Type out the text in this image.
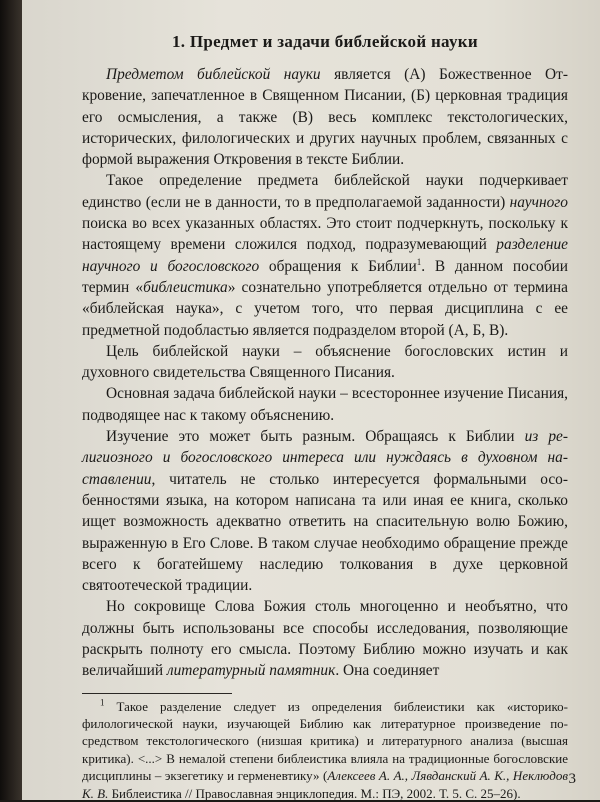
1. Предмет и задачи библейской науки

Предметом библейской науки является (А) Божественное Откровение, запечатленное в Священном Писании, (Б) церковная традиция его осмысления, а также (В) весь комплекс текстологических, исторических, филологических и других научных проблем, связанных с формой выражения Откровения в тексте Библии.

Такое определение предмета библейской науки подчеркивает единство (если не в данности, то в предполагаемой заданности) научного поиска во всех указанных областях. Это стоит подчеркнуть, поскольку к настоящему времени сложился подход, подразумевающий разделение научного и богословского обращения к Библии$^1$. В данном пособии термин «библеистика» сознательно употребляется отдельно от термина «библейская наука», с учетом того, что первая дисциплина с ее предметной подобластью является подразделом второй (А, Б, В).

Цель библейской науки – объяснение богословских истин и духовного свидетельства Священного Писания.

Основная задача библейской науки – всестороннее изучение Писания, подводящее нас к такому объяснению.

Изучение это может быть разным. Обращаясь к Библии из религиозного и богословского интереса или нуждаясь в духовном наставлении, читатель не столько интересуется формальными особенностями языка, на котором написана та или иная ее книга, сколько ищет возможность адекватно ответить на спасительную волю Божию, выраженную в Его Слове. В таком случае необходимо обращение прежде всего к богатейшему наследию толкования в духе церковной святоотеческой традиции.

Но сокровище Слова Божия столь многоценно и необъятно, что должны быть использованы все способы исследования, позволяющие раскрыть полноту его смысла. Поэтому Библию можно изучать и как величайший литературный памятник. Она соединяет

$^1$ Такое разделение следует из определения библеистики как «историко-филологической науки, изучающей Библию как литературное произведение посредством текстологического (низшая критика) и литературного анализа (высшая критика). <...> В немалой степени библеистика влияла на традиционные богословские дисциплины – экзегетику и герменевтику» (Алексеев А. А., Лявданский А. К., Неклюдов К. В. Библеистика // Православная энциклопедия. М.: ПЭ, 2002. Т. 5. С. 25–26).

3
